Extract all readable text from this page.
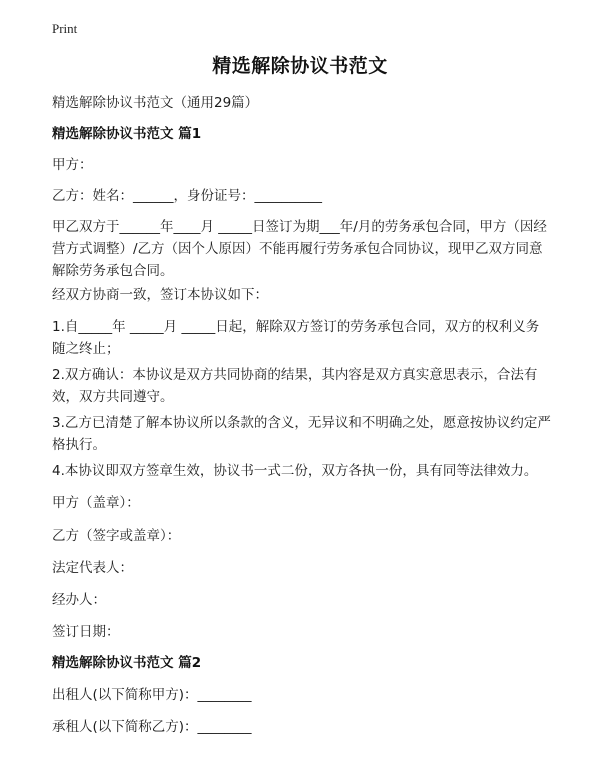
Print
精选解除协议书范文

精选解除协议书范文（通用29篇）

精选解除协议书范文 篇1

甲方：

乙方：姓名：______，身份证号：__________

甲乙双方于______年____月 _____日签订为期___年/月的劳务承包合同，甲方（因经营方式调整）/乙方（因个人原因）不能再履行劳务承包合同协议，现甲乙双方同意解除劳务承包合同。

经双方协商一致，签订本协议如下：

1.自_____年 _____月 _____日起，解除双方签订的劳务承包合同，双方的权利义务随之终止；

2.双方确认：本协议是双方共同协商的结果，其内容是双方真实意思表示，合法有效，双方共同遵守。

3.乙方已清楚了解本协议所以条款的含义，无异议和不明确之处，愿意按协议约定严格执行。

4.本协议即双方签章生效，协议书一式二份，双方各执一份，具有同等法律效力。

甲方（盖章）：

乙方（签字或盖章）：

法定代表人：

经办人：

签订日期：

精选解除协议书范文 篇2

出租人(以下简称甲方)：________

承租人(以下简称乙方)：________
